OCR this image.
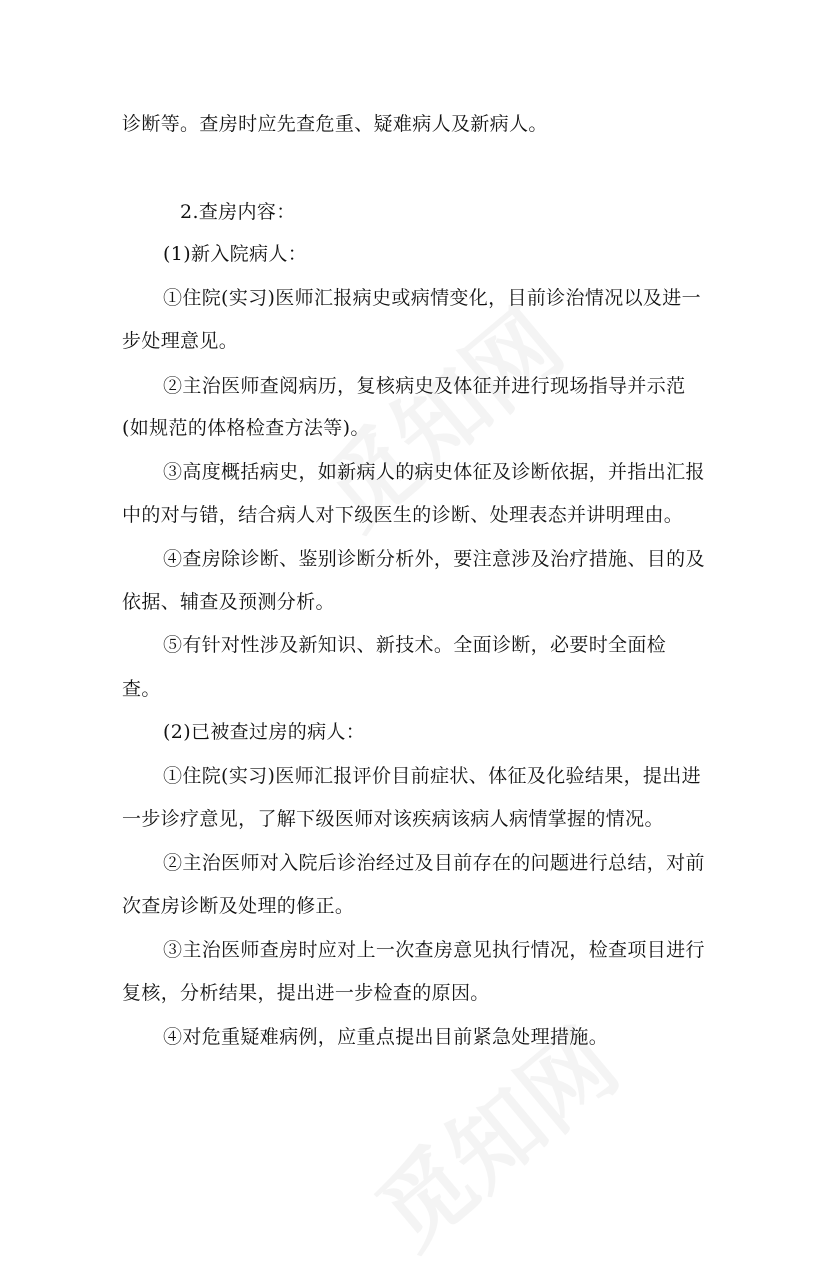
诊断等。查房时应先查危重、疑难病人及新病人。
2.查房内容：
(1)新入院病人：
①住院(实习)医师汇报病史或病情变化，目前诊治情况以及进一
步处理意见。
②主治医师查阅病历，复核病史及体征并进行现场指导并示范
(如规范的体格检查方法等)。
③高度概括病史，如新病人的病史体征及诊断依据，并指出汇报
中的对与错，结合病人对下级医生的诊断、处理表态并讲明理由。
④查房除诊断、鉴别诊断分析外，要注意涉及治疗措施、目的及
依据、辅查及预测分析。
⑤有针对性涉及新知识、新技术。全面诊断，必要时全面检
查。
(2)已被查过房的病人：
①住院(实习)医师汇报评价目前症状、体征及化验结果，提出进
一步诊疗意见，了解下级医师对该疾病该病人病情掌握的情况。
②主治医师对入院后诊治经过及目前存在的问题进行总结，对前
次查房诊断及处理的修正。
③主治医师查房时应对上一次查房意见执行情况，检查项目进行
复核，分析结果，提出进一步检查的原因。
④对危重疑难病例，应重点提出目前紧急处理措施。
